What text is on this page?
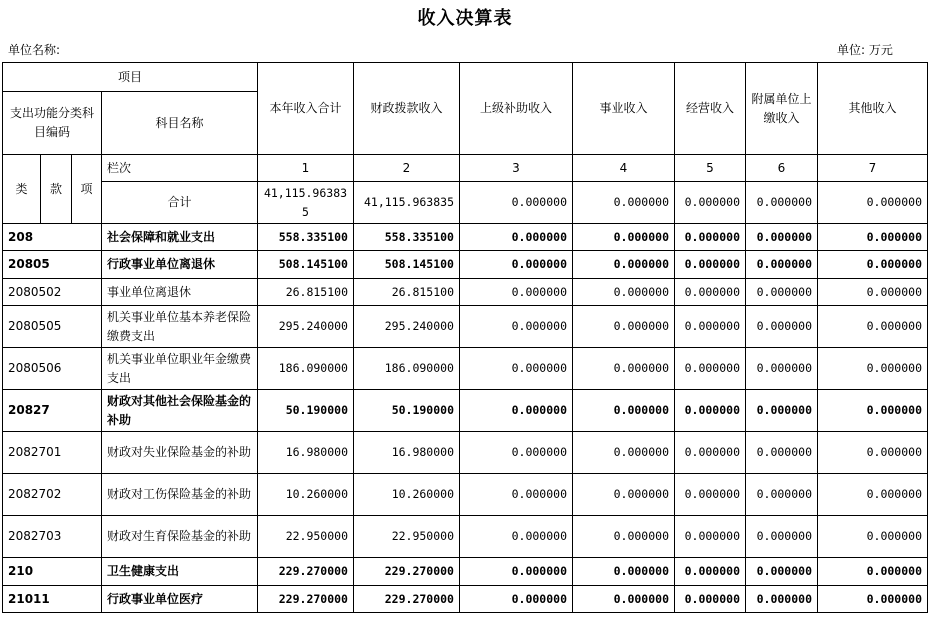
收入决算表
单位名称:	单位: 万元
项目				本年收入合计	财政拨款收入	上级补助收入	事业收入	经营收入	附属单位上缴收入	其他收入
支出功能分类科目编码			科目名称							
类	款	项	栏次	1	2	3	4	5	6	7
			合计	41,115.963835	41,115.963835	0.000000	0.000000	0.000000	0.000000	0.000000
208			社会保障和就业支出	558.335100	558.335100	0.000000	0.000000	0.000000	0.000000	0.000000
20805			行政事业单位离退休	508.145100	508.145100	0.000000	0.000000	0.000000	0.000000	0.000000
2080502			事业单位离退休	26.815100	26.815100	0.000000	0.000000	0.000000	0.000000	0.000000
2080505			机关事业单位基本养老保险缴费支出	295.240000	295.240000	0.000000	0.000000	0.000000	0.000000	0.000000
2080506			机关事业单位职业年金缴费支出	186.090000	186.090000	0.000000	0.000000	0.000000	0.000000	0.000000
20827			财政对其他社会保险基金的补助	50.190000	50.190000	0.000000	0.000000	0.000000	0.000000	0.000000
2082701			财政对失业保险基金的补助	16.980000	16.980000	0.000000	0.000000	0.000000	0.000000	0.000000
2082702			财政对工伤保险基金的补助	10.260000	10.260000	0.000000	0.000000	0.000000	0.000000	0.000000
2082703			财政对生育保险基金的补助	22.950000	22.950000	0.000000	0.000000	0.000000	0.000000	0.000000
210			卫生健康支出	229.270000	229.270000	0.000000	0.000000	0.000000	0.000000	0.000000
21011			行政事业单位医疗	229.270000	229.270000	0.000000	0.000000	0.000000	0.000000	0.000000
